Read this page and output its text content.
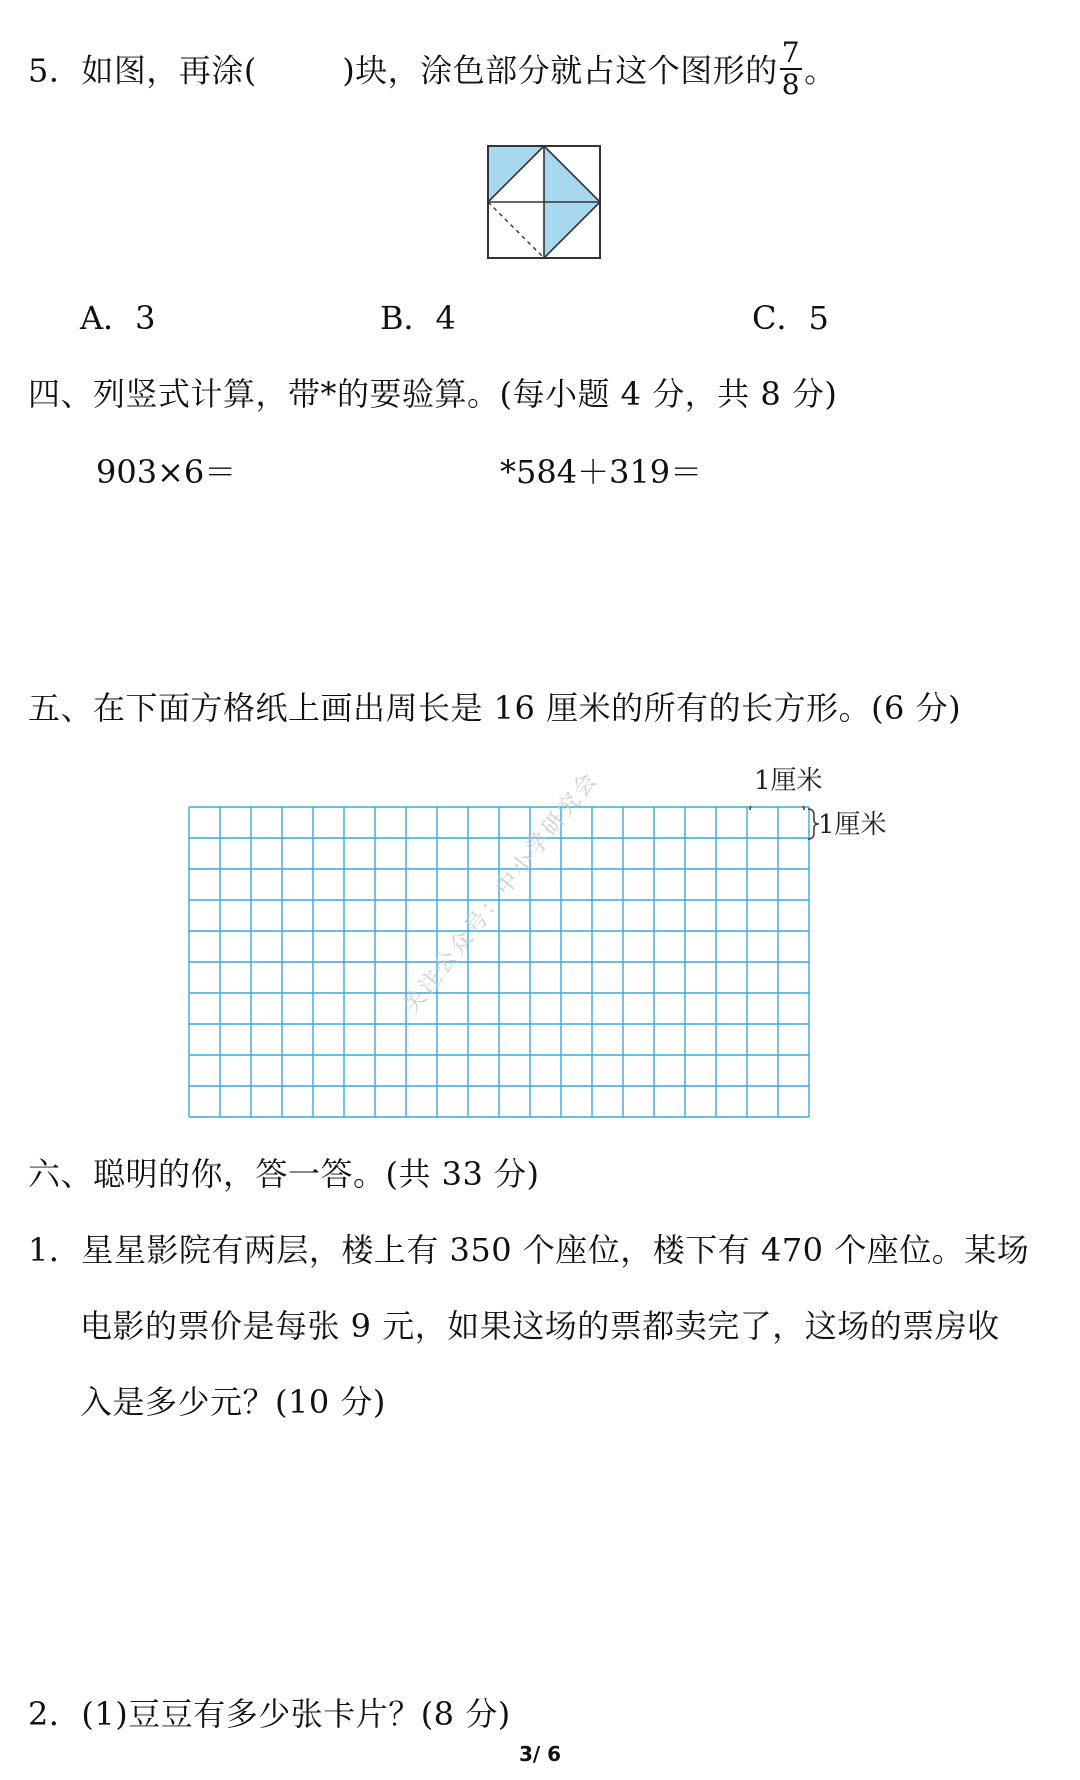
5．如图，再涂(	)块，涂色部分就占这个图形的 $\frac{7}{8}$ 。
A．3	B．4	C．5
四、列竖式计算，带*的要验算。(每小题 4 分，共 8 分)
903×6＝	*584＋319＝
五、在下面方格纸上画出周长是 16 厘米的所有的长方形。(6 分)
1厘米
1厘米
关注公众号：中小学研究会
六、聪明的你，答一答。(共 33 分)
1．星星影院有两层，楼上有 350 个座位，楼下有 470 个座位。某场
电影的票价是每张 9 元，如果这场的票都卖完了，这场的票房收
入是多少元？(10 分)
2．(1)豆豆有多少张卡片？(8 分)
3/ 6
